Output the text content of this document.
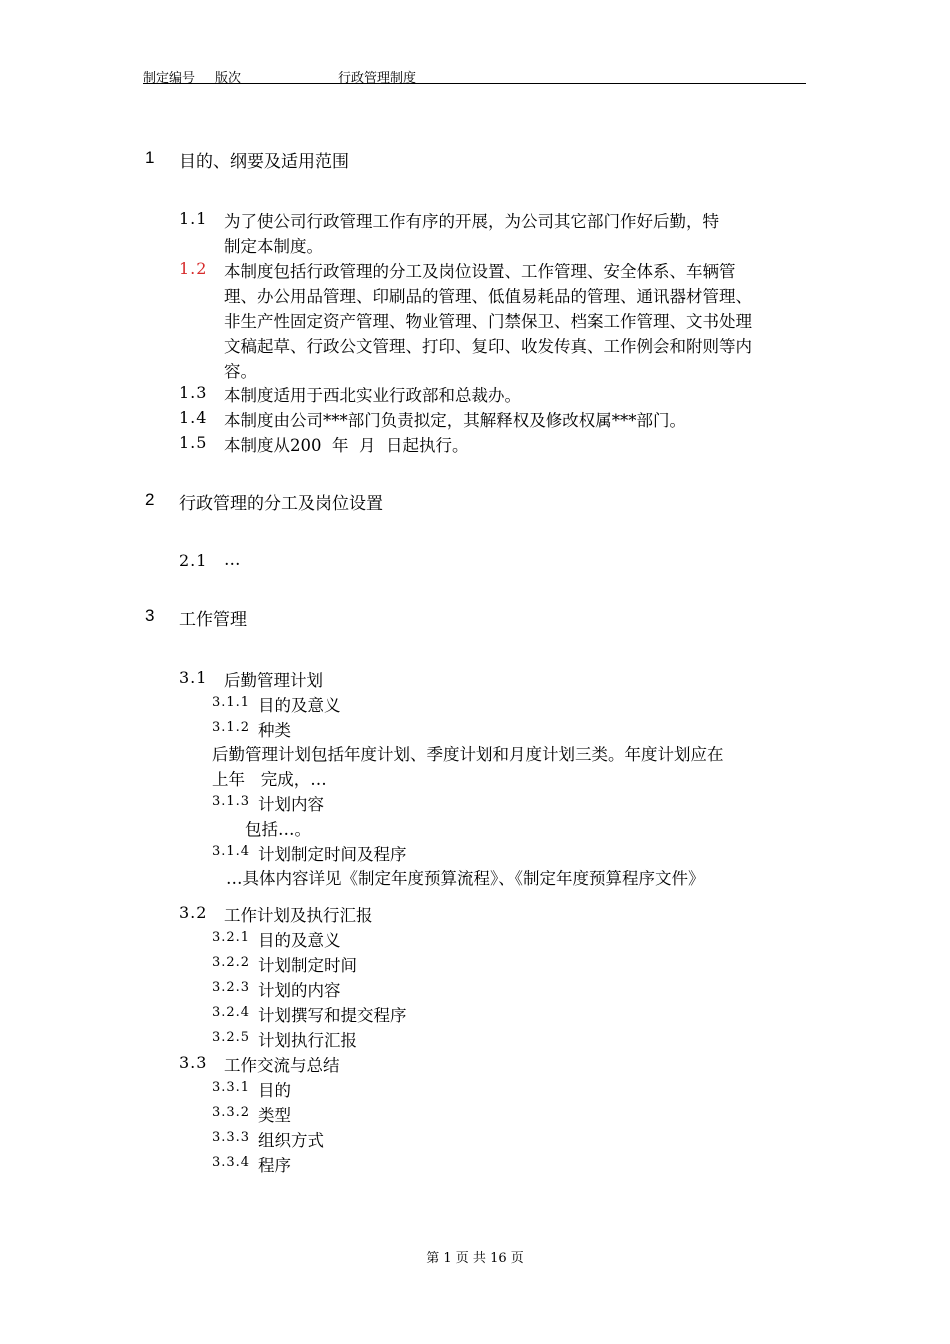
制定编号 版次	行政管理制度
1 目的、纲要及适用范围
1.1 为了使公司行政管理工作有序的开展，为公司其它部门作好后勤，特
制定本制度。
1.2 本制度包括行政管理的分工及岗位设置、工作管理、安全体系、车辆管
理、办公用品管理、印刷品的管理、低值易耗品的管理、通讯器材管理、
非生产性固定资产管理、物业管理、门禁保卫、档案工作管理、文书处理
文稿起草、行政公文管理、打印、复印、收发传真、工作例会和附则等内
容。
1.3 本制度适用于西北实业行政部和总裁办。
1.4 本制度由公司***部门负责拟定，其解释权及修改权属***部门。
1.5 本制度从200  年  月  日起执行。
2 行政管理的分工及岗位设置
2.1 …
3 工作管理
3.1 后勤管理计划
3.1.1 目的及意义
3.1.2 种类
后勤管理计划包括年度计划、季度计划和月度计划三类。年度计划应在
上年   完成，…
3.1.3 计划内容
包括…。
3.1.4 计划制定时间及程序
…具体内容详见《制定年度预算流程》、《制定年度预算程序文件》
3.2 工作计划及执行汇报
3.2.1 目的及意义
3.2.2 计划制定时间
3.2.3 计划的内容
3.2.4 计划撰写和提交程序
3.2.5 计划执行汇报
3.3 工作交流与总结
3.3.1 目的
3.3.2 类型
3.3.3 组织方式
3.3.4 程序
第 1 页 共 16 页
